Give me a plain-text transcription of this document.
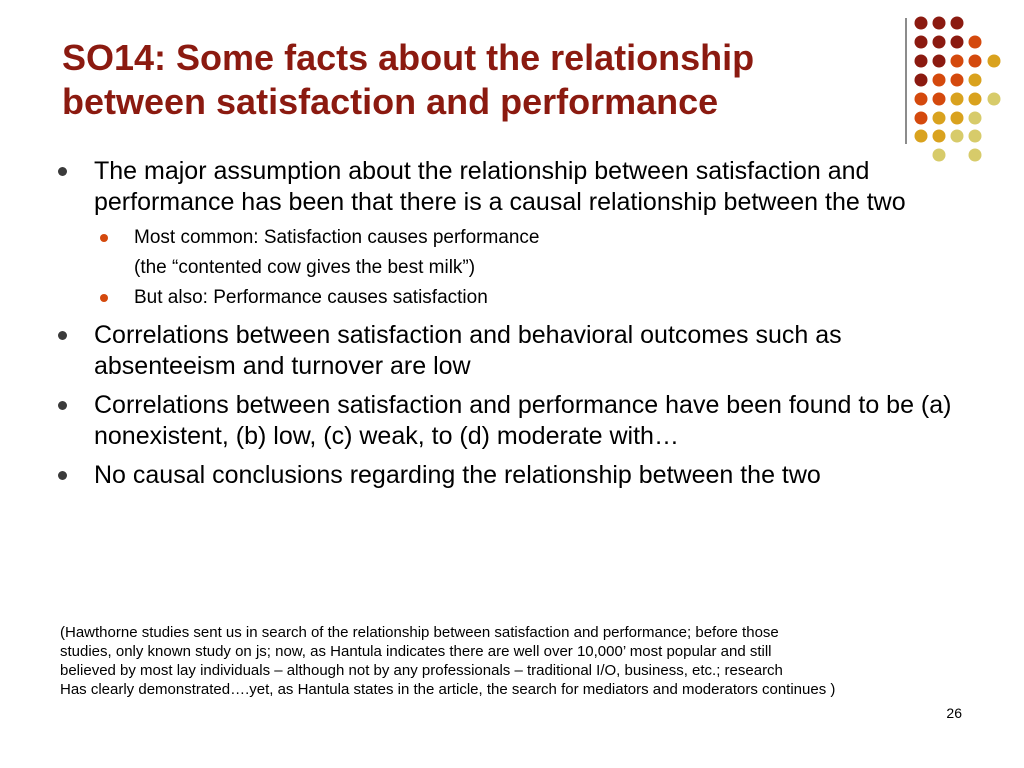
SO14: Some facts about the relationship
between satisfaction and performance
The major assumption about the relationship between satisfaction and performance has been that there is a causal relationship between the two
Most common: Satisfaction causes performance
(the “contented cow gives the best milk”)
But also: Performance causes satisfaction
Correlations between satisfaction and behavioral outcomes such as absenteeism and turnover are low
Correlations between satisfaction and performance have been found to be (a) nonexistent, (b) low, (c) weak, to (d) moderate with…
No causal conclusions regarding the relationship between the two

(Hawthorne studies sent us in search of the relationship between satisfaction and performance; before those
studies, only known study on js; now, as Hantula indicates there are well over 10,000’ most popular and still
believed by most lay individuals – although not by any professionals – traditional I/O, business, etc.; research
Has clearly demonstrated….yet, as Hantula states in the article, the search for mediators and moderators continues )

26
